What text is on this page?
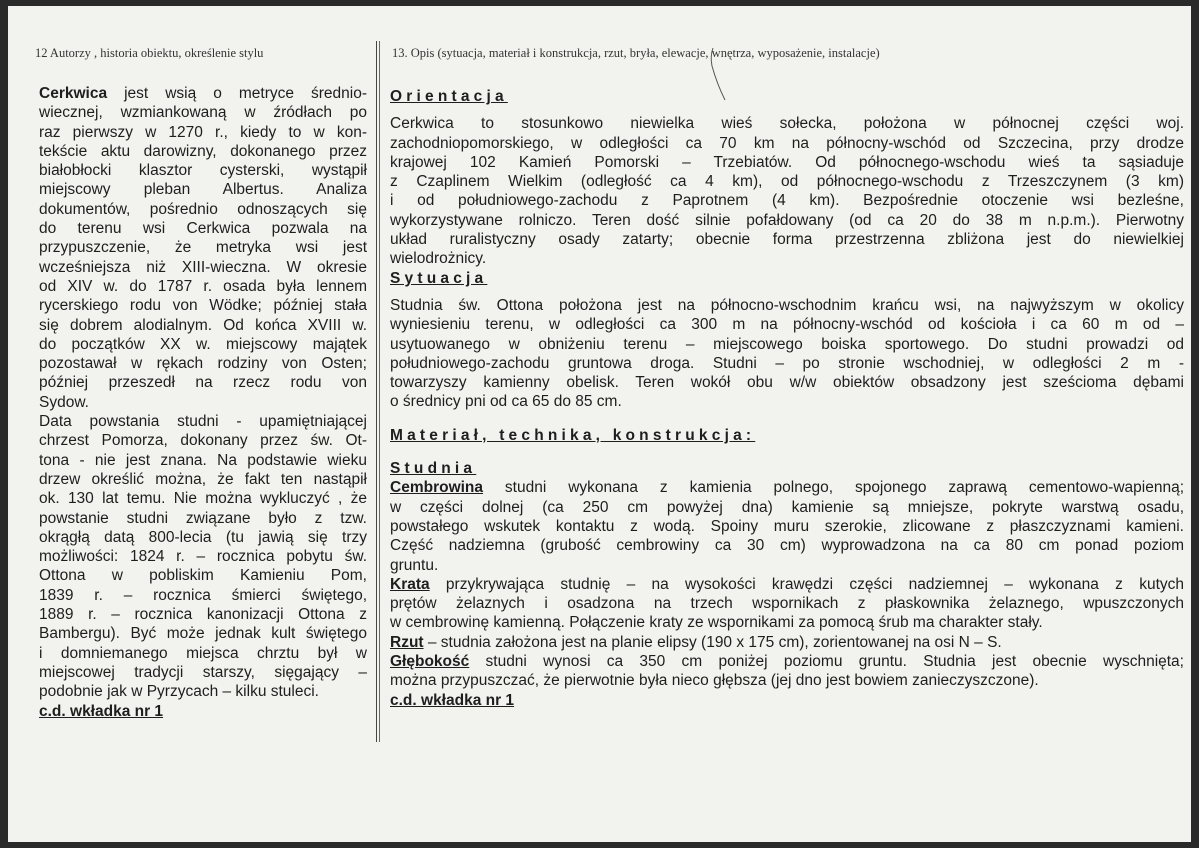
12 Autorzy , historia obiektu, określenie stylu	13. Opis (sytuacja, materiał i konstrukcja, rzut, bryła, elewacje, wnętrza, wyposażenie, instalacje)

Cerkwica jest wsią o metryce średnio-

wiecznej, wzmiankowaną w źródłach po

raz pierwszy w 1270 r., kiedy to w kon-

tekście aktu darowizny, dokonanego przez

białobłocki klasztor cysterski, wystąpił

miejscowy pleban Albertus. Analiza

dokumentów, pośrednio odnoszących się

do terenu wsi Cerkwica pozwala na

przypuszczenie, że metryka wsi jest

wcześniejsza niż XIII-wieczna. W okresie

od XIV w. do 1787 r. osada była lennem

rycerskiego rodu von Wödke; później stała

się dobrem alodialnym. Od końca XVIII w.

do początków XX w. miejscowy majątek

pozostawał w rękach rodziny von Osten;

później przeszedł na rzecz rodu von

Sydow.

Data powstania studni - upamiętniającej

chrzest Pomorza, dokonany przez św. Ot-

tona - nie jest znana. Na podstawie wieku

drzew określić można, że fakt ten nastąpił

ok. 130 lat temu. Nie można wykluczyć , że

powstanie studni związane było z tzw.

okrągłą datą 800-lecia (tu jawią się trzy

możliwości: 1824 r. – rocznica pobytu św.

Ottona w pobliskim Kamieniu Pom,

1839 r. – rocznica śmierci świętego,

1889 r. – rocznica kanonizacji Ottona z

Bambergu). Być może jednak kult świętego

i domniemanego miejsca chrztu był w

miejscowej tradycji starszy, sięgający –

podobnie jak w Pyrzycach – kilku stuleci.

c.d. wkładka nr 1

Orientacja

Cerkwica to stosunkowo niewielka wieś sołecka, położona w północnej części woj.

zachodniopomorskiego, w odległości ca 70 km na północny-wschód od Szczecina, przy drodze

krajowej 102 Kamień Pomorski – Trzebiatów. Od północnego-wschodu wieś ta sąsiaduje

z Czaplinem Wielkim (odległość ca 4 km), od północnego-wschodu z Trzeszczynem (3 km)

i od południowego-zachodu z Paprotnem (4 km). Bezpośrednie otoczenie wsi bezleśne,

wykorzystywane rolniczo. Teren dość silnie pofałdowany (od ca 20 do 38 m n.p.m.). Pierwotny

układ ruralistyczny osady zatarty; obecnie forma przestrzenna zbliżona jest do niewielkiej

wielodrożnicy.

Sytuacja

Studnia św. Ottona położona jest na północno-wschodnim krańcu wsi, na najwyższym w okolicy

wyniesieniu terenu, w odległości ca 300 m na północny-wschód od kościoła i ca 60 m od –

usytuowanego w obniżeniu terenu – miejscowego boiska sportowego. Do studni prowadzi od

południowego-zachodu gruntowa droga. Studni – po stronie wschodniej, w odległości 2 m -

towarzyszy kamienny obelisk. Teren wokół obu w/w obiektów obsadzony jest sześcioma dębami

o średnicy pni od ca 65 do 85 cm.

Materiał, technika, konstrukcja:

Studnia

Cembrowina studni wykonana z kamienia polnego, spojonego zaprawą cementowo-wapienną;

w części dolnej (ca 250 cm powyżej dna) kamienie są mniejsze, pokryte warstwą osadu,

powstałego wskutek kontaktu z wodą. Spoiny muru szerokie, zlicowane z płaszczyznami kamieni.

Część nadziemna (grubość cembrowiny ca 30 cm) wyprowadzona na ca 80 cm ponad poziom

gruntu.

Krata przykrywająca studnię – na wysokości krawędzi części nadziemnej – wykonana z kutych

prętów żelaznych i osadzona na trzech wspornikach z płaskownika żelaznego, wpuszczonych

w cembrowinę kamienną. Połączenie kraty ze wspornikami za pomocą śrub ma charakter stały.

Rzut – studnia założona jest na planie elipsy (190 x 175 cm), zorientowanej na osi N – S.

Głębokość studni wynosi ca 350 cm poniżej poziomu gruntu. Studnia jest obecnie wyschnięta;

można przypuszczać, że pierwotnie była nieco głębsza (jej dno jest bowiem zanieczyszczone).

c.d. wkładka nr 1
